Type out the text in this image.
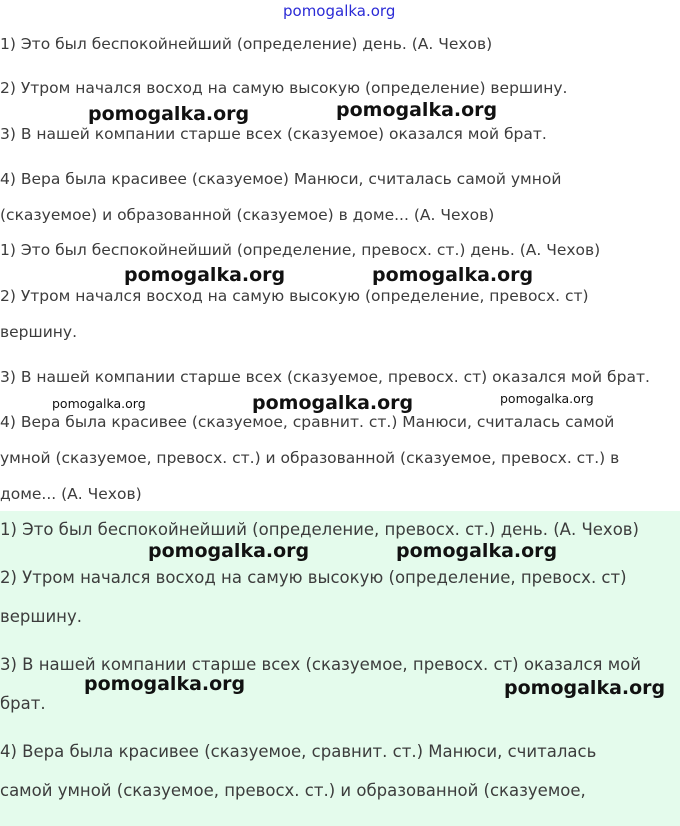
pomogalka.org
1) Это был беспокойнейший (определение) день. (А. Чехов)
2) Утром начался восход на самую высокую (определение) вершину.
3) В нашей компании старше всех (сказуемое) оказался мой брат.
4) Вера была красивее (сказуемое) Манюси, считалась самой умной
(сказуемое) и образованной (сказуемое) в доме... (А. Чехов)
1) Это был беспокойнейший (определение, превосх. ст.) день. (А. Чехов)
2) Утром начался восход на самую высокую (определение, превосх. ст)
вершину.
3) В нашей компании старше всех (сказуемое, превосх. ст) оказался мой брат.
4) Вера была красивее (сказуемое, сравнит. ст.) Манюси, считалась самой
умной (сказуемое, превосх. ст.) и образованной (сказуемое, превосх. ст.) в
доме... (А. Чехов)
1) Это был беспокойнейший (определение, превосх. ст.) день. (А. Чехов)
2) Утром начался восход на самую высокую (определение, превосх. ст)
вершину.
3) В нашей компании старше всех (сказуемое, превосх. ст) оказался мой
брат.
4) Вера была красивее (сказуемое, сравнит. ст.) Манюси, считалась
самой умной (сказуемое, превосх. ст.) и образованной (сказуемое,
pomogalka.org	pomogalka.org
pomogalka.org	pomogalka.org
pomogalka.org	pomogalka.org	pomogalka.org
pomogalka.org	pomogalka.org
pomogalka.org	pomogalka.org
